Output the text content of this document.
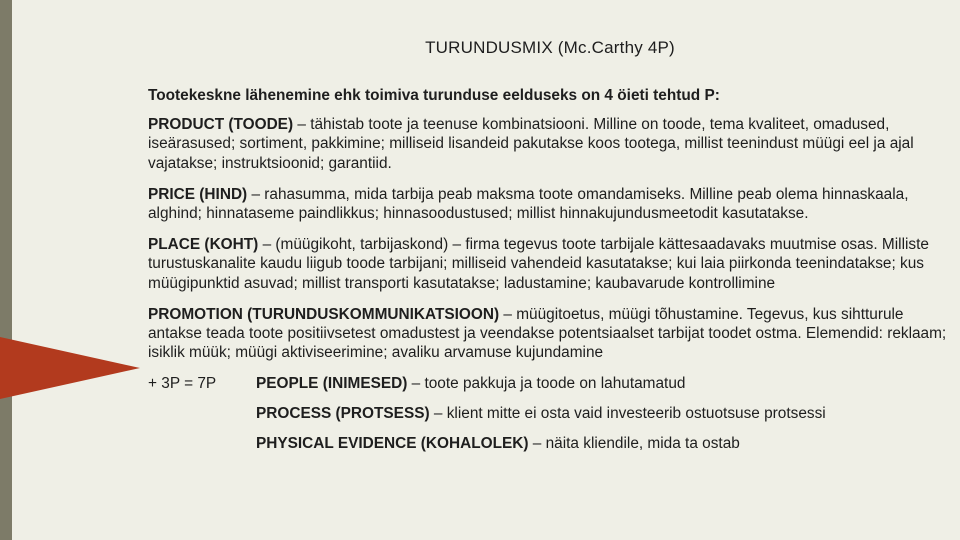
TURUNDUSMIX (Mc.Carthy 4P)

Tootekeskne lähenemine ehk toimiva turunduse eelduseks on 4 öieti tehtud P:

PRODUCT (TOODE) – tähistab toote ja teenuse kombinatsiooni. Milline on toode, tema kvaliteet, omadused, iseärasused; sortiment, pakkimine; milliseid lisandeid pakutakse koos tootega, millist teenindust müügi eel ja ajal vajatakse; instruktsioonid; garantiid.

PRICE (HIND) – rahasumma, mida tarbija peab maksma toote omandamiseks. Milline peab olema hinnaskaala, alghind; hinnataseme paindlikkus; hinnasoodustused; millist hinnakujundusmeetodit kasutatakse.

PLACE (KOHT) – (müügikoht, tarbijaskond) – firma tegevus toote tarbijale kättesaadavaks muutmise osas. Milliste turustuskanalite kaudu liigub toode tarbijani; milliseid vahendeid kasutatakse; kui laia piirkonda teenindatakse; kus müügipunktid asuvad; millist transporti kasutatakse; ladustamine; kaubavarude kontrollimine

PROMOTION (TURUNDUSKOMMUNIKATSIOON) – müügitoetus, müügi tõhustamine. Tegevus, kus sihtturule antakse teada toote positiivsetest omadustest ja veendakse potentsiaalset tarbijat toodet ostma. Elemendid: reklaam; isiklik müük; müügi aktiviseerimine; avaliku arvamuse kujundamine

+ 3P = 7P	PEOPLE (INIMESED) – toote pakkuja ja toode on lahutamatud

PROCESS (PROTSESS) – klient mitte ei osta vaid investeerib ostuotsuse protsessi

PHYSICAL EVIDENCE (KOHALOLEK) – näita kliendile, mida ta ostab
